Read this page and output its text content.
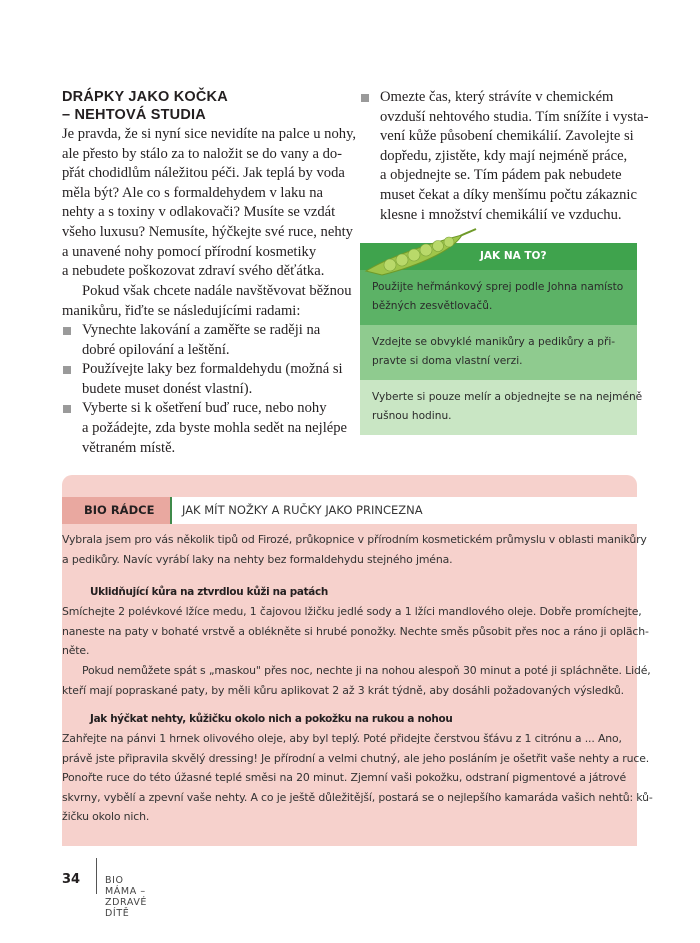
DRÁPKY JAKO KOČKA
– NEHTOVÁ STUDIA
Je pravda, že si nyní sice nevidíte na palce u nohy,
ale přesto by stálo za to naložit se do vany a do-
přát chodidlům náležitou péči. Jak teplá by voda
měla být? Ale co s formaldehydem v laku na
nehty a s toxiny v odlakovači? Musíte se vzdát
všeho luxusu? Nemusíte, hýčkejte své ruce, nehty
a unavené nohy pomocí přírodní kosmetiky
a nebudete poškozovat zdraví svého děťátka.
Pokud však chcete nadále navštěvovat běžnou
manikůru, řiďte se následujícími radami:
Vynechte lakování a zaměřte se raději na
dobré opilování a leštění.
Používejte laky bez formaldehydu (možná si
budete muset donést vlastní).
Vyberte si k ošetření buď ruce, nebo nohy
a požádejte, zda byste mohla sedět na nejlépe
větraném místě.
Omezte čas, který strávíte v chemickém
ovzduší nehtového studia. Tím snížíte i vysta-
vení kůže působení chemikálií. Zavolejte si
dopředu, zjistěte, kdy mají nejméně práce,
a objednejte se. Tím pádem pak nebudete
muset čekat a díky menšímu počtu zákaznic
klesne i množství chemikálií ve vzduchu.
JAK NA TO?
Použijte heřmánkový sprej podle Johna namísto
běžných zesvětlovačů.
Vzdejte se obvyklé manikůry a pedikůry a při-
pravte si doma vlastní verzi.
Vyberte si pouze melír a objednejte se na nejméně
rušnou hodinu.
BIO RÁDCE	JAK MÍT NOŽKY A RUČKY JAKO PRINCEZNA
Vybrala jsem pro vás několik tipů od Firozé, průkopnice v přírodním kosmetickém průmyslu v oblasti manikůry
a pedikůry. Navíc vyrábí laky na nehty bez formaldehydu stejného jména.
Uklidňující kůra na ztvrdlou kůži na patách
Smíchejte 2 polévkové lžíce medu, 1 čajovou lžičku jedlé sody a 1 lžíci mandlového oleje. Dobře promíchejte,
naneste na paty v bohaté vrstvě a oblékněte si hrubé ponožky. Nechte směs působit přes noc a ráno ji opläch-
něte.
Pokud nemůžete spát s „maskou" přes noc, nechte ji na nohou alespoň 30 minut a poté ji spláchněte. Lidé,
kteří mají popraskané paty, by měli kůru aplikovat 2 až 3 krát týdně, aby dosáhli požadovaných výsledků.
Jak hýčkat nehty, kůžičku okolo nich a pokožku na rukou a nohou
Zahřejte na pánvi 1 hrnek olivového oleje, aby byl teplý. Poté přidejte čerstvou šťávu z 1 citrónu a ... Ano,
právě jste připravila skvělý dressing! Je přírodní a velmi chutný, ale jeho posláním je ošetřit vaše nehty a ruce.
Ponořte ruce do této úžasné teplé směsi na 20 minut. Zjemní vaši pokožku, odstraní pigmentové a játrové
skvrny, vybělí a zpevní vaše nehty. A co je ještě důležitější, postará se o nejlepšího kamaráda vašich nehtů: ků-
žičku okolo nich.
34	BIO MÁMA – ZDRAVÉ DÍTĚ
